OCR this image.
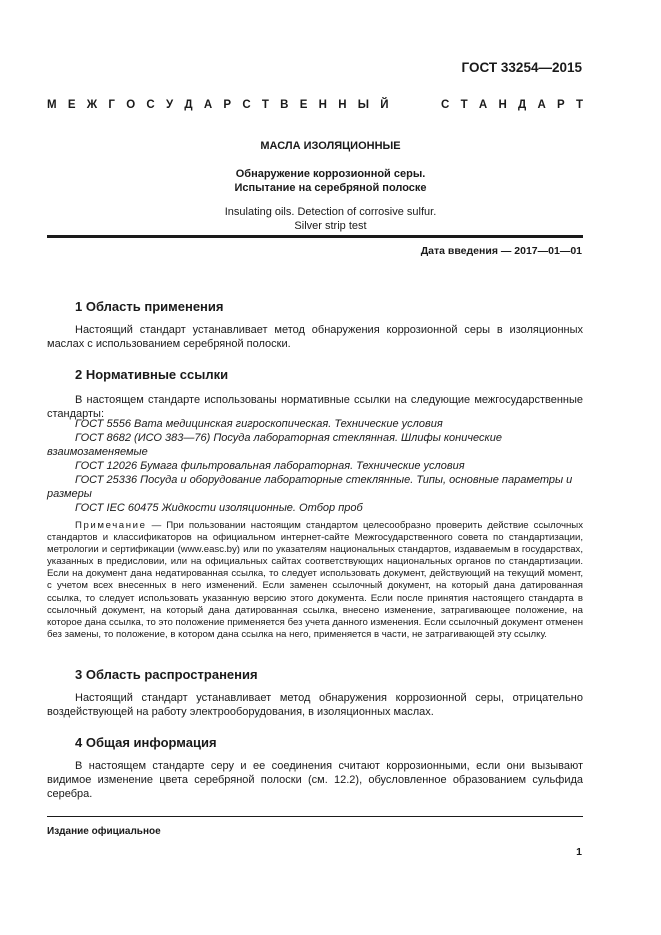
ГОСТ 33254—2015
М Е Ж Г О С У Д А Р С Т В Е Н Н Ы Й	С Т А Н Д А Р Т
МАСЛА ИЗОЛЯЦИОННЫЕ
Обнаружение коррозионной серы.
Испытание на серебряной полоске
Insulating oils. Detection of corrosive sulfur.
Silver strip test
Дата введения — 2017—01—01
1 Область применения
Настоящий стандарт устанавливает метод обнаружения коррозионной серы в изоляционных маслах с использованием серебряной полоски.
2 Нормативные ссылки
В настоящем стандарте использованы нормативные ссылки на следующие межгосударственные стандарты:
ГОСТ 5556 Вата медицинская гигроскопическая. Технические условия
ГОСТ 8682 (ИСО 383—76) Посуда лабораторная стеклянная. Шлифы конические взаимозаменяемые
ГОСТ 12026 Бумага фильтровальная лабораторная. Технические условия
ГОСТ 25336 Посуда и оборудование лабораторные стеклянные. Типы, основные параметры и размеры
ГОСТ IEC 60475 Жидкости изоляционные. Отбор проб
Примечание — При пользовании настоящим стандартом целесообразно проверить действие ссылочных стандартов и классификаторов на официальном интернет-сайте Межгосударственного совета по стандартизации, метрологии и сертификации (www.easc.by) или по указателям национальных стандартов, издаваемым в государствах, указанных в предисловии, или на официальных сайтах соответствующих национальных органов по стандартизации. Если на документ дана недатированная ссылка, то следует использовать документ, действующий на текущий момент, с учетом всех внесенных в него изменений. Если заменен ссылочный документ, на который дана датированная ссылка, то следует использовать указанную версию этого документа. Если после принятия настоящего стандарта в ссылочный документ, на который дана датированная ссылка, внесено изменение, затрагивающее положение, на которое дана ссылка, то это положение применяется без учета данного изменения. Если ссылочный документ отменен без замены, то положение, в котором дана ссылка на него, применяется в части, не затрагивающей эту ссылку.
3 Область распространения
Настоящий стандарт устанавливает метод обнаружения коррозионной серы, отрицательно воздействующей на работу электрооборудования, в изоляционных маслах.
4 Общая информация
В настоящем стандарте серу и ее соединения считают коррозионными, если они вызывают видимое изменение цвета серебряной полоски (см. 12.2), обусловленное образованием сульфида серебра.
Издание официальное
1
